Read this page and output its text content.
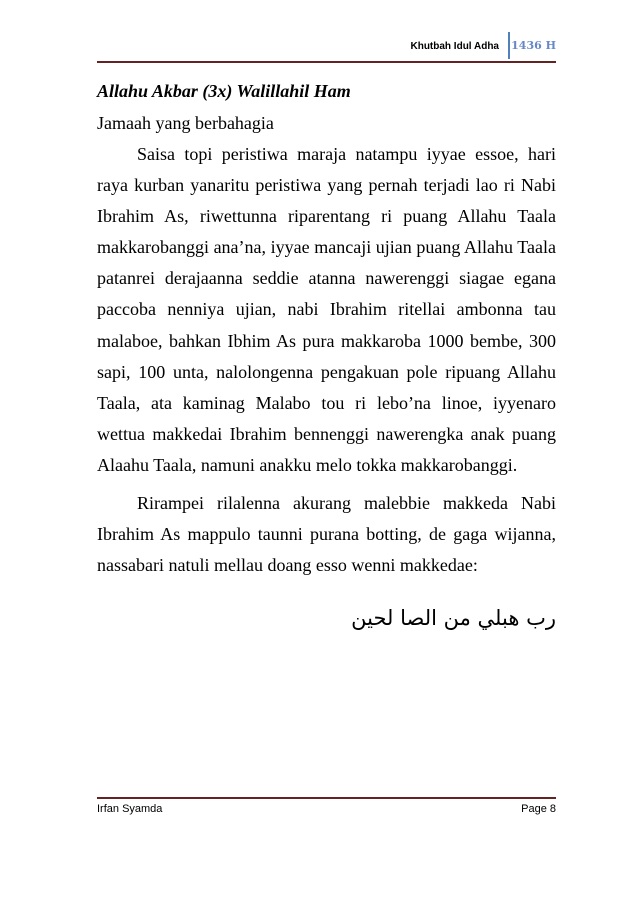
Khutbah Idul Adha 1436 H

Allahu Akbar (3x) Walillahil Ham

Jamaah yang berbahagia

Saisa topi peristiwa maraja natampu iyyae essoe, hari raya kurban yanaritu peristiwa yang pernah terjadi lao ri Nabi Ibrahim As, riwettunna riparentang ri puang Allahu Taala makkarobanggi ana’na, iyyae mancaji ujian puang Allahu Taala patanrei derajaanna seddie atanna nawerenggi siagae egana paccoba nenniya ujian, nabi Ibrahim ritellai ambonna tau malaboe, bahkan Ibhim As pura makkaroba 1000 bembe, 300 sapi, 100 unta, nalolongenna pengakuan pole ripuang Allahu Taala, ata kaminag Malabo tou ri lebo’na linoe, iyyenaro wettua makkedai Ibrahim bennenggi nawerengka anak puang Alaahu Taala, namuni anakku melo tokka makkarobanggi.

Rirampei rilalenna akurang malebbie makkeda Nabi Ibrahim As mappulo taunni purana botting, de gaga wijanna, nassabari natuli mellau doang esso wenni makkedae:

رب هبلي من الصا لحين

Irfan Syamda	Page 8
